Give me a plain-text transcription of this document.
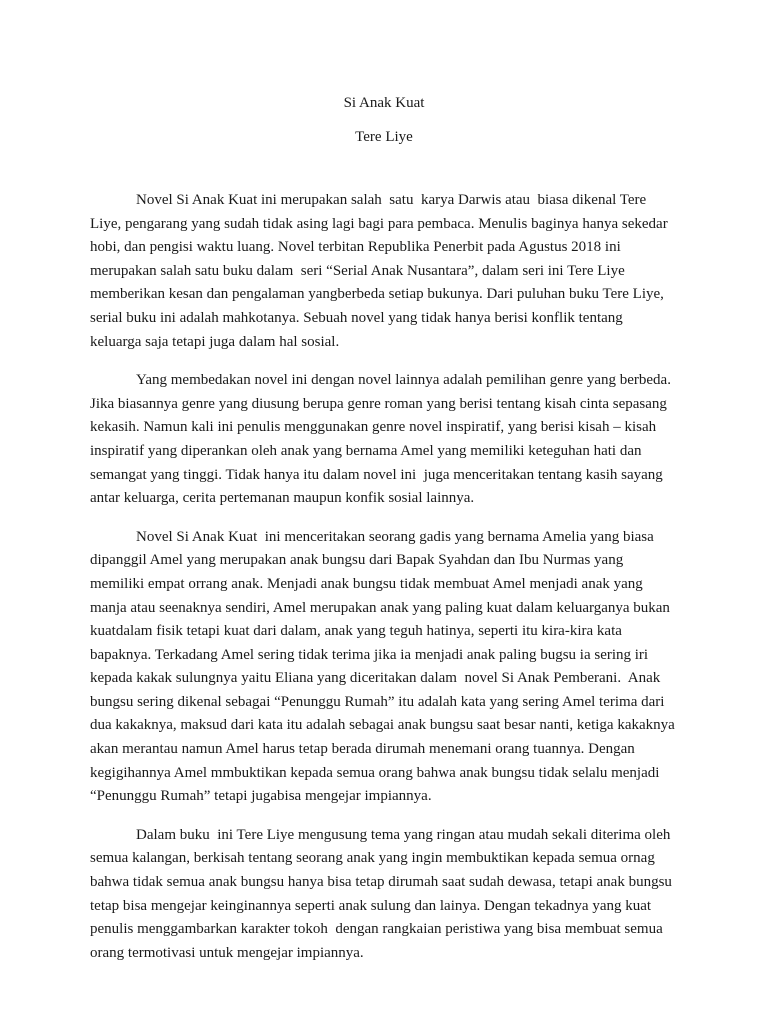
Si Anak Kuat
Tere Liye
Novel Si Anak Kuat ini merupakan salah  satu  karya Darwis atau  biasa dikenal Tere
Liye, pengarang yang sudah tidak asing lagi bagi para pembaca. Menulis baginya hanya sekedar
hobi, dan pengisi waktu luang. Novel terbitan Republika Penerbit pada Agustus 2018 ini
merupakan salah satu buku dalam  seri “Serial Anak Nusantara”, dalam seri ini Tere Liye
memberikan kesan dan pengalaman yangberbeda setiap bukunya. Dari puluhan buku Tere Liye,
serial buku ini adalah mahkotanya. Sebuah novel yang tidak hanya berisi konflik tentang
keluarga saja tetapi juga dalam hal sosial.
Yang membedakan novel ini dengan novel lainnya adalah pemilihan genre yang berbeda.
Jika biasannya genre yang diusung berupa genre roman yang berisi tentang kisah cinta sepasang
kekasih. Namun kali ini penulis menggunakan genre novel inspiratif, yang berisi kisah – kisah
inspiratif yang diperankan oleh anak yang bernama Amel yang memiliki keteguhan hati dan
semangat yang tinggi. Tidak hanya itu dalam novel ini  juga menceritakan tentang kasih sayang
antar keluarga, cerita pertemanan maupun konfik sosial lainnya.
Novel Si Anak Kuat  ini menceritakan seorang gadis yang bernama Amelia yang biasa
dipanggil Amel yang merupakan anak bungsu dari Bapak Syahdan dan Ibu Nurmas yang
memiliki empat orrang anak. Menjadi anak bungsu tidak membuat Amel menjadi anak yang
manja atau seenaknya sendiri, Amel merupakan anak yang paling kuat dalam keluarganya bukan
kuatdalam fisik tetapi kuat dari dalam, anak yang teguh hatinya, seperti itu kira-kira kata
bapaknya. Terkadang Amel sering tidak terima jika ia menjadi anak paling bugsu ia sering iri
kepada kakak sulungnya yaitu Eliana yang diceritakan dalam  novel Si Anak Pemberani.  Anak
bungsu sering dikenal sebagai “Penunggu Rumah” itu adalah kata yang sering Amel terima dari
dua kakaknya, maksud dari kata itu adalah sebagai anak bungsu saat besar nanti, ketiga kakaknya
akan merantau namun Amel harus tetap berada dirumah menemani orang tuannya. Dengan
kegigihannya Amel mmbuktikan kepada semua orang bahwa anak bungsu tidak selalu menjadi
“Penunggu Rumah” tetapi jugabisa mengejar impiannya.
Dalam buku  ini Tere Liye mengusung tema yang ringan atau mudah sekali diterima oleh
semua kalangan, berkisah tentang seorang anak yang ingin membuktikan kepada semua ornag
bahwa tidak semua anak bungsu hanya bisa tetap dirumah saat sudah dewasa, tetapi anak bungsu
tetap bisa mengejar keinginannya seperti anak sulung dan lainya. Dengan tekadnya yang kuat
penulis menggambarkan karakter tokoh  dengan rangkaian peristiwa yang bisa membuat semua
orang termotivasi untuk mengejar impiannya.
